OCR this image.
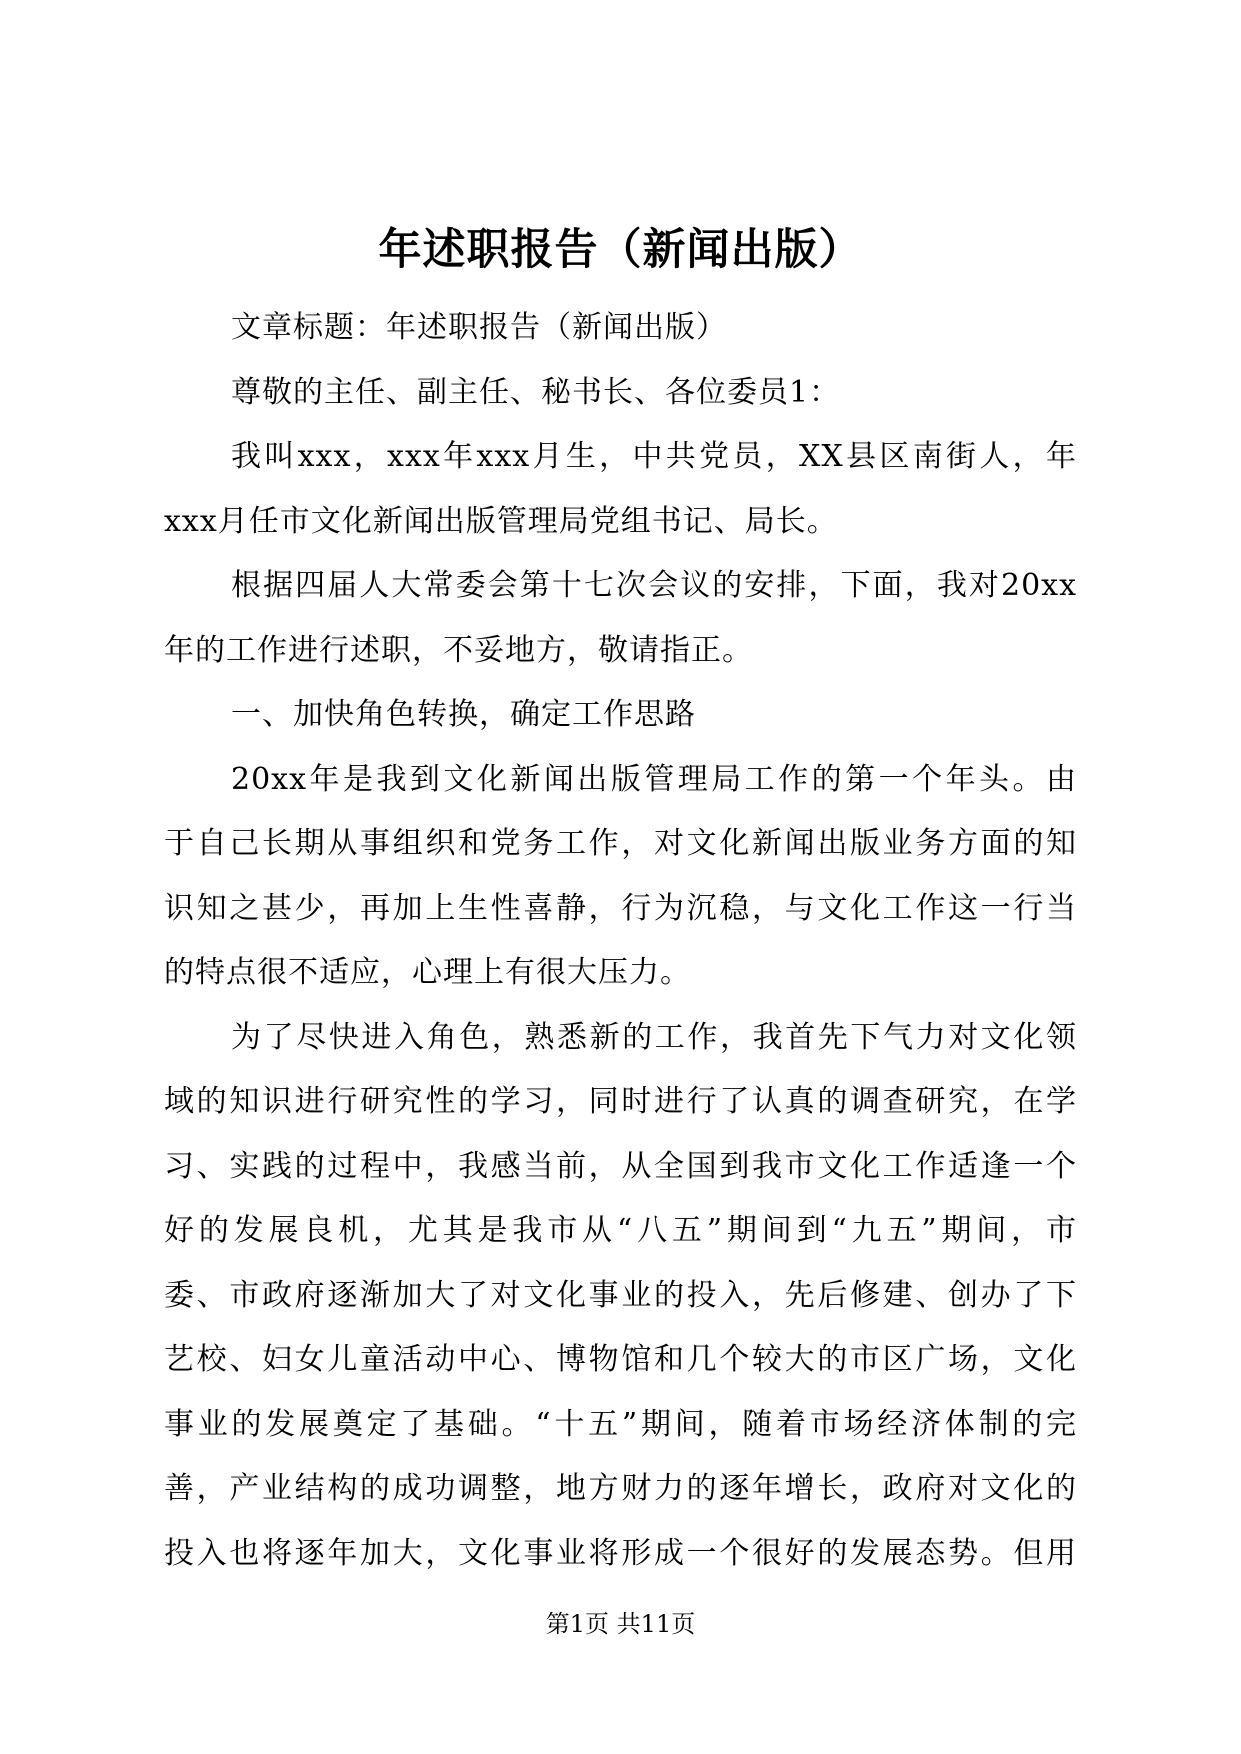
年述职报告（新闻出版）
文章标题：年述职报告（新闻出版）
尊敬的主任、副主任、秘书长、各位委员1：
我叫xxx，xxx年xxx月生，中共党员，XX县区南街人，年
xxx月任市文化新闻出版管理局党组书记、局长。
根据四届人大常委会第十七次会议的安排，下面，我对20xx
年的工作进行述职，不妥地方，敬请指正。
一、加快角色转换，确定工作思路
20xx年是我到文化新闻出版管理局工作的第一个年头。由
于自己长期从事组织和党务工作，对文化新闻出版业务方面的知
识知之甚少，再加上生性喜静，行为沉稳，与文化工作这一行当
的特点很不适应，心理上有很大压力。
为了尽快进入角色，熟悉新的工作，我首先下气力对文化领
域的知识进行研究性的学习，同时进行了认真的调查研究，在学
习、实践的过程中，我感当前，从全国到我市文化工作适逢一个
好的发展良机，尤其是我市从“八五”期间到“九五”期间，市
委、市政府逐渐加大了对文化事业的投入，先后修建、创办了下
艺校、妇女儿童活动中心、博物馆和几个较大的市区广场，文化
事业的发展奠定了基础。“十五”期间，随着市场经济体制的完
善，产业结构的成功调整，地方财力的逐年增长，政府对文化的
投入也将逐年加大，文化事业将形成一个很好的发展态势。但用
第1页 共11页
